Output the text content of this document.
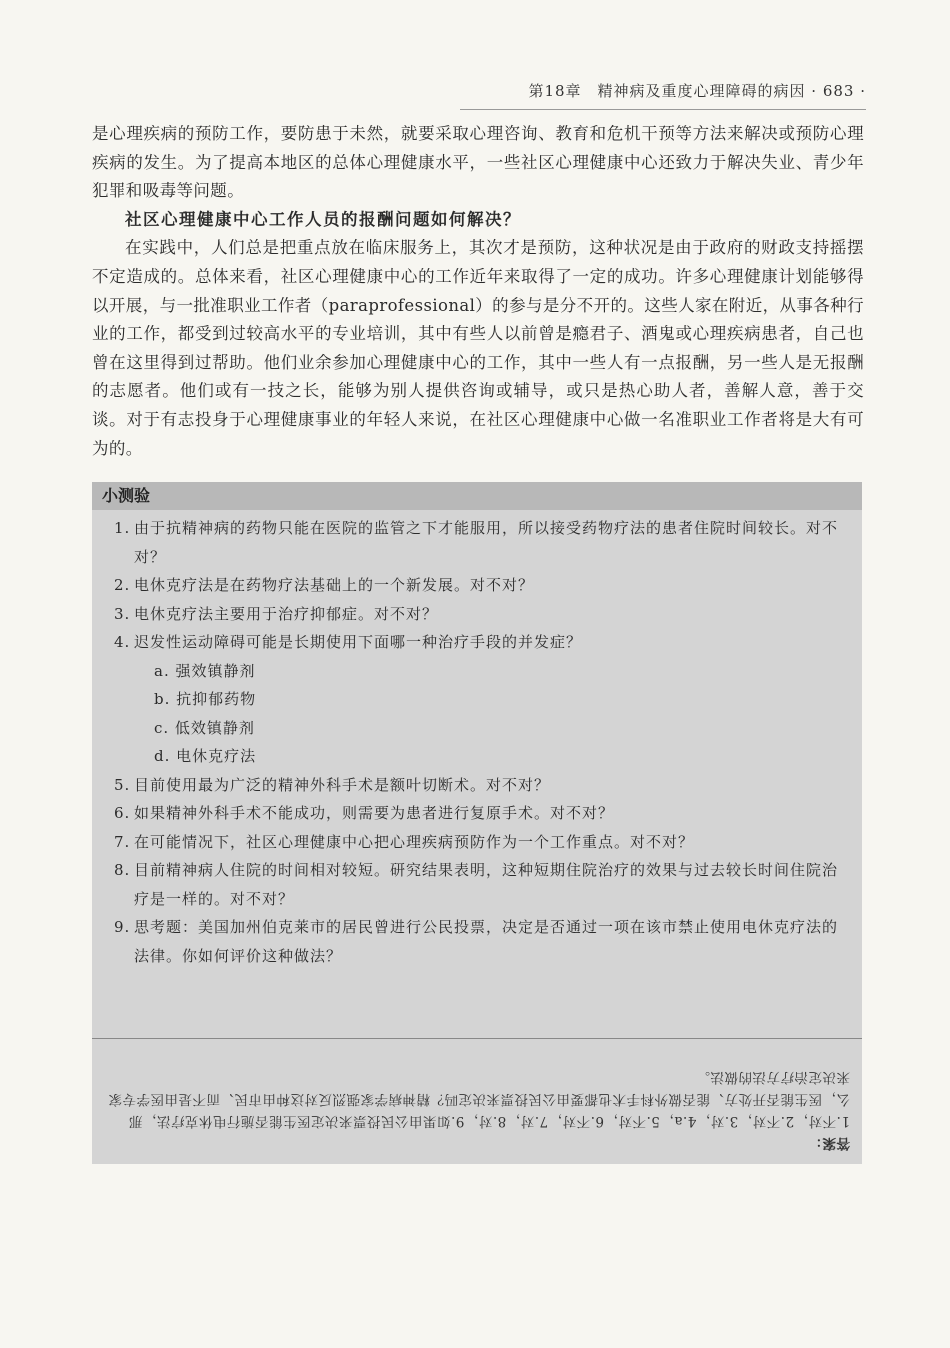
第18章　精神病及重度心理障碍的病因 · 683 ·

是心理疾病的预防工作，要防患于未然，就要采取心理咨询、教育和危机干预等方法来解决或预防心理疾病的发生。为了提高本地区的总体心理健康水平，一些社区心理健康中心还致力于解决失业、青少年犯罪和吸毒等问题。

社区心理健康中心工作人员的报酬问题如何解决？

在实践中，人们总是把重点放在临床服务上，其次才是预防，这种状况是由于政府的财政支持摇摆不定造成的。总体来看，社区心理健康中心的工作近年来取得了一定的成功。许多心理健康计划能够得以开展，与一批准职业工作者（paraprofessional）的参与是分不开的。这些人家在附近，从事各种行业的工作，都受到过较高水平的专业培训，其中有些人以前曾是瘾君子、酒鬼或心理疾病患者，自己也曾在这里得到过帮助。他们业余参加心理健康中心的工作，其中一些人有一点报酬，另一些人是无报酬的志愿者。他们或有一技之长，能够为别人提供咨询或辅导，或只是热心助人者，善解人意，善于交谈。对于有志投身于心理健康事业的年轻人来说，在社区心理健康中心做一名准职业工作者将是大有可为的。

小测验
1. 由于抗精神病的药物只能在医院的监管之下才能服用，所以接受药物疗法的患者住院时间较长。对不对？
2. 电休克疗法是在药物疗法基础上的一个新发展。对不对？
3. 电休克疗法主要用于治疗抑郁症。对不对？
4. 迟发性运动障碍可能是长期使用下面哪一种治疗手段的并发症？
a. 强效镇静剂
b. 抗抑郁药物
c. 低效镇静剂
d. 电休克疗法
5. 目前使用最为广泛的精神外科手术是额叶切断术。对不对？
6. 如果精神外科手术不能成功，则需要为患者进行复原手术。对不对？
7. 在可能情况下，社区心理健康中心把心理疾病预防作为一个工作重点。对不对？
8. 目前精神病人住院的时间相对较短。研究结果表明，这种短期住院治疗的效果与过去较长时间住院治疗是一样的。对不对？
9. 思考题：美国加州伯克莱市的居民曾进行公民投票，决定是否通过一项在该市禁止使用电休克疗法的法律。你如何评价这种做法？
答案：
1.不对，2.不对，3.对，4.a，5.不对，6.不对，7.对，8.对，9.如果由公民投票来决定医生能否施行电休克疗法，那么，医生能否开处方、能否做外科手术也都要由公民投票来决定吗？精神病学家强烈反对这种由市民、而不是由医学专家来决定治疗方法的做法。
